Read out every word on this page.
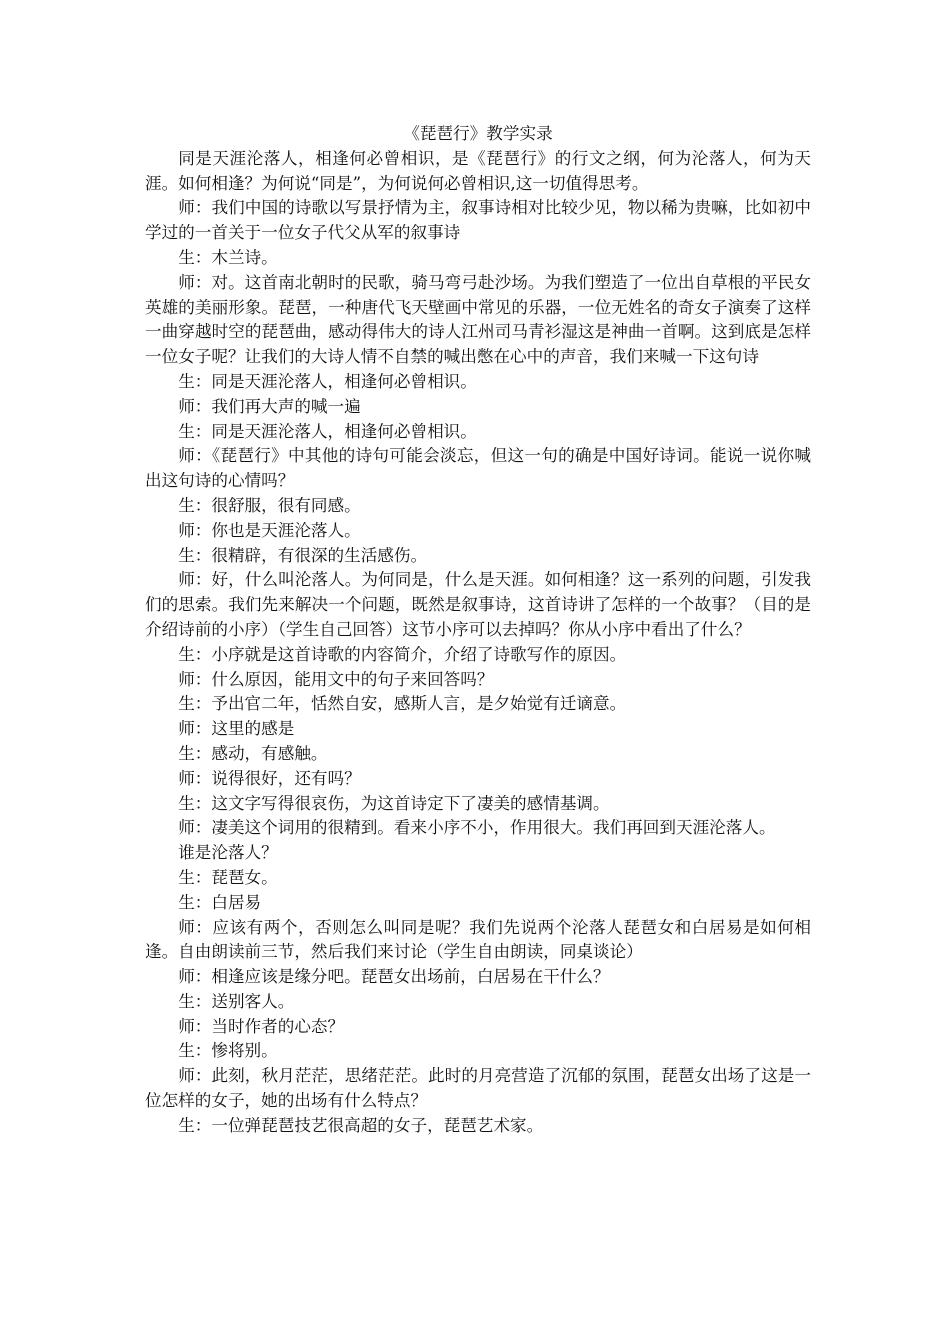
《琵琶行》教学实录

同是天涯沦落人，相逢何必曾相识，是《琵琶行》的行文之纲，何为沦落人，何为天涯。如何相逢？为何说“同是”，为何说何必曾相识,这一切值得思考。

师：我们中国的诗歌以写景抒情为主，叙事诗相对比较少见，物以稀为贵嘛，比如初中学过的一首关于一位女子代父从军的叙事诗

生：木兰诗。

师：对。这首南北朝时的民歌，骑马弯弓赴沙场。为我们塑造了一位出自草根的平民女英雄的美丽形象。琵琶，一种唐代飞天壁画中常见的乐器，一位无姓名的奇女子演奏了这样一曲穿越时空的琵琶曲，感动得伟大的诗人江州司马青衫湿这是神曲一首啊。这到底是怎样一位女子呢？让我们的大诗人情不自禁的喊出憋在心中的声音，我们来喊一下这句诗

生：同是天涯沦落人，相逢何必曾相识。

师：我们再大声的喊一遍

生：同是天涯沦落人，相逢何必曾相识。

师：《琵琶行》中其他的诗句可能会淡忘，但这一句的确是中国好诗词。能说一说你喊出这句诗的心情吗？

生：很舒服，很有同感。

师：你也是天涯沦落人。

生：很精辟，有很深的生活感伤。

师：好，什么叫沦落人。为何同是，什么是天涯。如何相逢？这一系列的问题，引发我们的思索。我们先来解决一个问题，既然是叙事诗，这首诗讲了怎样的一个故事？（目的是介绍诗前的小序）（学生自己回答）这节小序可以去掉吗？你从小序中看出了什么？

生：小序就是这首诗歌的内容简介，介绍了诗歌写作的原因。

师：什么原因，能用文中的句子来回答吗？

生：予出官二年，恬然自安，感斯人言，是夕始觉有迁谪意。

师：这里的感是

生：感动，有感触。

师：说得很好，还有吗？

生：这文字写得很哀伤，为这首诗定下了凄美的感情基调。

师：凄美这个词用的很精到。看来小序不小，作用很大。我们再回到天涯沦落人。

谁是沦落人？

生：琵琶女。

生：白居易

师：应该有两个，否则怎么叫同是呢？我们先说两个沦落人琵琶女和白居易是如何相逢。自由朗读前三节，然后我们来讨论（学生自由朗读，同桌谈论）

师：相逢应该是缘分吧。琵琶女出场前，白居易在干什么？

生：送别客人。

师：当时作者的心态？

生：惨将别。

师：此刻，秋月茫茫，思绪茫茫。此时的月亮营造了沉郁的氛围，琵琶女出场了这是一位怎样的女子，她的出场有什么特点？

生：一位弹琵琶技艺很高超的女子，琵琶艺术家。
